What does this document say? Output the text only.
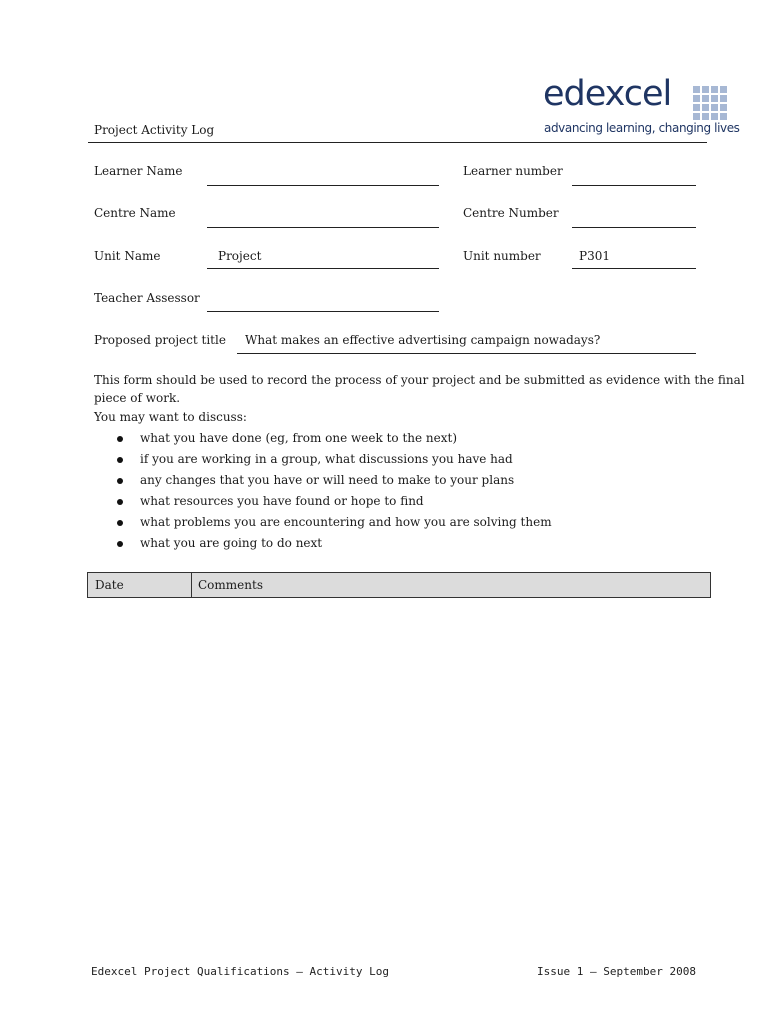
edexcel
advancing learning, changing lives
Project Activity Log
Learner Name	Learner number
Centre Name	Centre Number
Unit Name	Project	Unit number	P301
Teacher Assessor
Proposed project title What makes an effective advertising campaign nowadays?
This form should be used to record the process of your project and be submitted as evidence with the final
piece of work.
You may want to discuss:
what you have done (eg, from one week to the next)
if you are working in a group, what discussions you have had
any changes that you have or will need to make to your plans
what resources you have found or hope to find
what problems you are encountering and how you are solving them
what you are going to do next
Date	Comments
Edexcel Project Qualifications – Activity Log	Issue 1 – September 2008
